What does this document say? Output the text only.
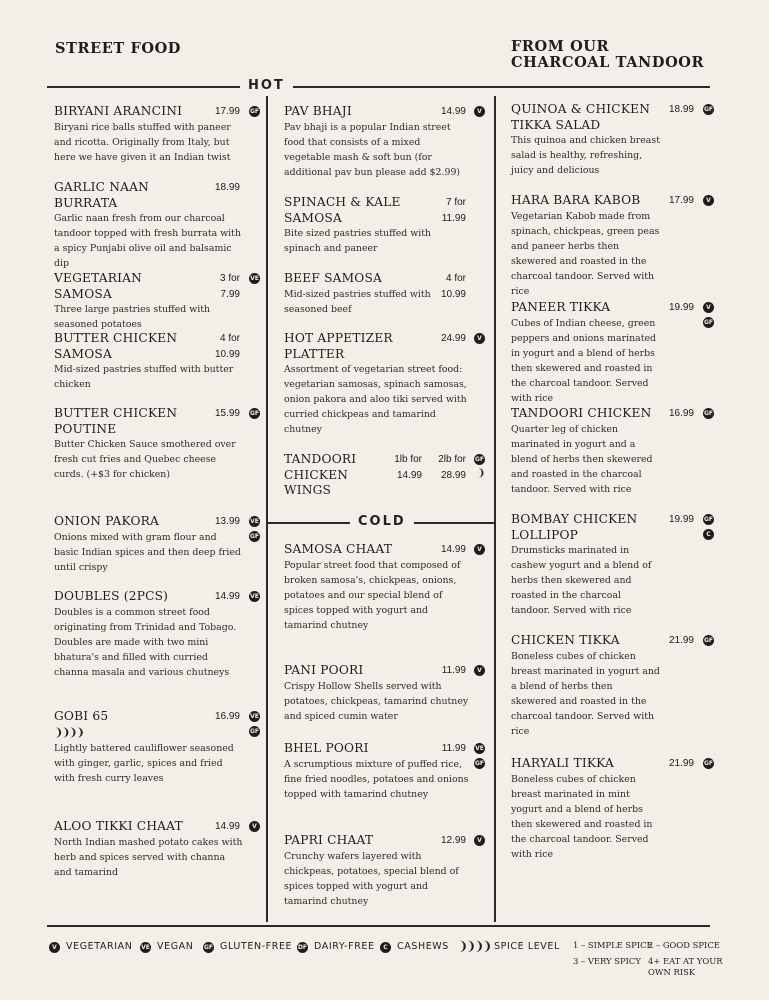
STREET FOOD	FROM OUR
CHARCOAL TANDOOR
HOT
COLD
BIRYANI ARANCINI
Biryani rice balls stuffed with paneer and ricotta. Originally from Italy, but here we have given it an Indian twist
17.99 GF
GARLIC NAAN BURRATA
Garlic naan fresh from our charcoal tandoor topped with fresh burrata with a spicy Punjabi olive oil and balsamic dip
18.99
VEGETARIAN SAMOSA
Three large pastries stuffed with seasoned potatoes
3 for
7.99
VE
BUTTER CHICKEN SAMOSA
Mid-sized pastries stuffed with butter chicken
4 for
10.99
BUTTER CHICKEN POUTINE
Butter Chicken Sauce smothered over fresh cut fries and Quebec cheese curds. (+$3 for chicken)
15.99 GF
ONION PAKORA
Onions mixed with gram flour and basic Indian spices and then deep fried until crispy
13.99 VE
GF
DOUBLES (2PCS)
Doubles is a common street food originating from Trinidad and Tobago. Doubles are made with two mini bhatura's and filled with curried channa masala and various chutneys
14.99 VE
GOBI 65
❩❩❩❩
Lightly battered cauliflower seasoned with ginger, garlic, spices and fried with fresh curry leaves
16.99 VE
GF
ALOO TIKKI CHAAT
North Indian mashed potato cakes with herb and spices served with channa and tamarind
14.99	V
PAV BHAJI
Pav bhaji is a popular Indian street food that consists of a mixed vegetable mash & soft bun (for additional pav bun please add $2.99)
14.99	V
SPINACH & KALE SAMOSA
Bite sized pastries stuffed with spinach and paneer
7 for
11.99
BEEF SAMOSA
Mid-sized pastries stuffed with seasoned beef
4 for
10.99
HOT APPETIZER PLATTER
Assortment of vegetarian street food: vegetarian samosas, spinach samosas, onion pakora and aloo tiki served with curried chickpeas and tamarind chutney
24.99	V
TANDOORI CHICKEN WINGS
1lb for
14.99
2lb for
28.99
GF
❩
SAMOSA CHAAT
Popular street food that composed of broken samosa's, chickpeas, onions, potatoes and our special blend of spices topped with yogurt and tamarind chutney
14.99	V
PANI POORI
Crispy Hollow Shells served with potatoes, chickpeas, tamarind chutney and spiced cumin water
11.99	V
BHEL POORI
A scrumptious mixture of puffed rice, fine fried noodles, potatoes and onions topped with tamarind chutney
11.99 VE
GF
PAPRI CHAAT
Crunchy wafers layered with chickpeas, potatoes, special blend of spices topped with yogurt and tamarind chutney
12.99	V
QUINOA & CHICKEN TIKKA SALAD
This quinoa and chicken breast salad is healthy, refreshing, juicy and delicious
18.99 GF
HARA BARA KABOB
Vegetarian Kabob made from spinach, chickpeas, green peas and paneer herbs then skewered and roasted in the charcoal tandoor. Served with rice
17.99	V
PANEER TIKKA
Cubes of Indian cheese, green peppers and onions marinated in yogurt and a blend of herbs then skewered and roasted in the charcoal tandoor. Served with rice
19.99	V
GF
TANDOORI CHICKEN
Quarter leg of chicken marinated in yogurt and a blend of herbs then skewered and roasted in the charcoal tandoor. Served with rice
16.99 GF
BOMBAY CHICKEN LOLLIPOP
Drumsticks marinated in cashew yogurt and a blend of herbs then skewered and roasted in the charcoal tandoor. Served with rice
19.99 GF
C
CHICKEN TIKKA
Boneless cubes of chicken breast marinated in yogurt and a blend of herbs then skewered and roasted in the charcoal tandoor. Served with rice
21.99 GF
HARYALI TIKKA
Boneless cubes of chicken breast marinated in mint yogurt and a blend of herbs then skewered and roasted in the charcoal tandoor. Served with rice
21.99 GF
V VEGETARIAN VE VEGAN GF GLUTEN-FREE DF DAIRY-FREE	C CASHEWS ❩❩❩❩ SPICE LEVEL 1 – SIMPLE SPICE
2 – GOOD SPICE
3 – VERY SPICY 4+ EAT AT YOUR
OWN RISK
